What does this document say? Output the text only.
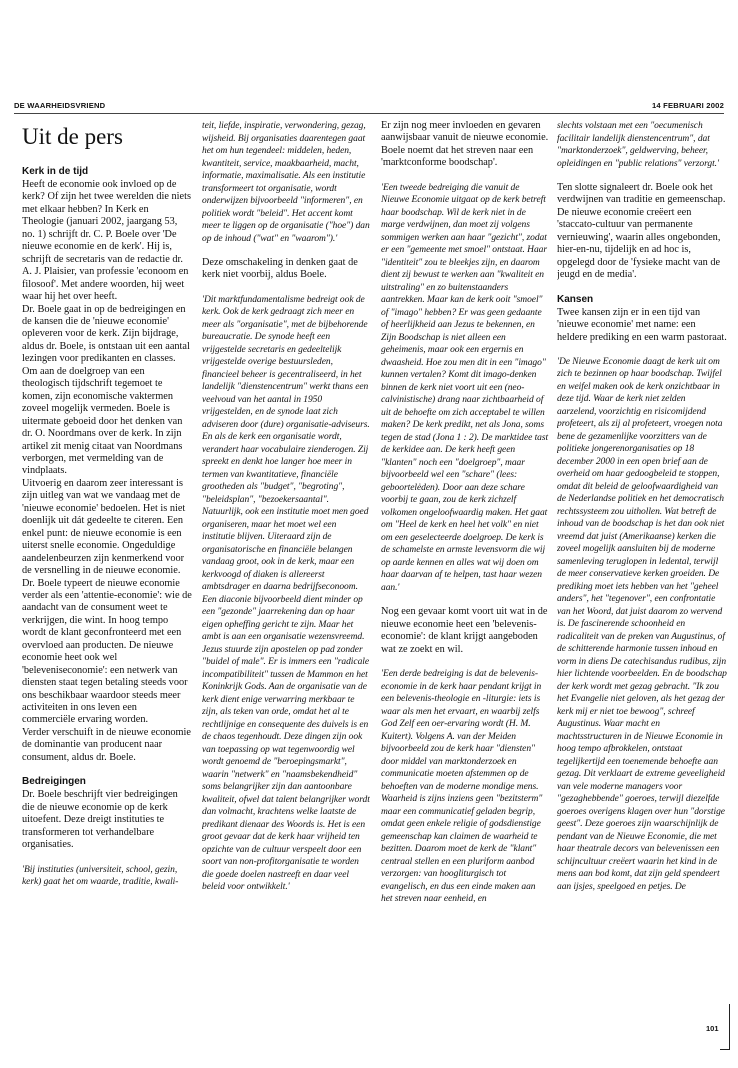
DE WAARHEIDSVRIEND	14 FEBRUARI 2002
Uit de pers
Kerk in de tijd

Heeft de economie ook invloed op de kerk? Of zijn het twee werelden die niets met elkaar hebben? In Kerk en Theologie (januari 2002, jaargang 53, no. 1) schrijft dr. C. P. Boele over 'De nieuwe economie en de kerk'. Hij is, schrijft de secretaris van de redactie dr. A. J. Plaisier, van professie 'econoom en filosoof'. Met andere woorden, hij weet waar hij het over heeft.

Dr. Boele gaat in op de bedreigingen en de kansen die de 'nieuwe economie' opleveren voor de kerk. Zijn bijdrage, aldus dr. Boele, is ontstaan uit een aantal lezingen voor predikanten en classes. Om aan de doelgroep van een theologisch tijdschrift tegemoet te komen, zijn economische vaktermen zoveel mogelijk vermeden. Boele is uitermate geboeid door het denken van dr. O. Noordmans over de kerk. In zijn artikel zit menig citaat van Noordmans verborgen, met vermelding van de vindplaats.

Uitvoerig en daarom zeer interessant is zijn uitleg van wat we vandaag met de 'nieuwe economie' bedoelen. Het is niet doenlijk uit dát gedeelte te citeren. Een enkel punt: de nieuwe economie is een uiterst snelle economie. Ongeduldige aandelenbeurzen zijn kenmerkend voor de versnelling in de nieuwe economie. Dr. Boele typeert de nieuwe economie verder als een 'attentie-economie': wie de aandacht van de consument weet te verkrijgen, die wint. In hoog tempo wordt de klant geconfronteerd met een overvloed aan producten. De nieuwe economie heet ook wel 'beleveniseconomie': een netwerk van diensten staat tegen betaling steeds voor ons beschikbaar waardoor steeds meer activiteiten in ons leven een commerciële ervaring worden.

Verder verschuift in de nieuwe economie de dominantie van producent naar consument, aldus dr. Boele.

Bedreigingen

Dr. Boele beschrijft vier bedreigingen die de nieuwe economie op de kerk uitoefent. Deze dreigt instituties te transformeren tot verhandelbare organisaties.

'Bij instituties (universiteit, school, gezin, kerk) gaat het om waarde, traditie, kwali-

teit, liefde, inspiratie, verwondering, gezag, wijsheid. Bij organisaties daarentegen gaat het om hun tegendeel: middelen, heden, kwantiteit, service, maakbaarheid, macht, informatie, maximalisatie. Als een institutie transformeert tot organisatie, wordt onderwijzen bijvoorbeeld "informeren", en politiek wordt "beleid". Het accent komt meer te liggen op de organisatie ("hoe") dan op de inhoud ("wat" en "waarom").'

Deze omschakeling in denken gaat de kerk niet voorbij, aldus Boele.

'Dit marktfundamentalisme bedreigt ook de kerk. Ook de kerk gedraagt zich meer en meer als "organisatie", met de bijbehorende bureaucratie. De synode heeft een vrijgestelde secretaris en gedeeltelijk vrijgestelde overige bestuursleden, financieel beheer is gecentraliseerd, in het landelijk "dienstencentrum" werkt thans een veelvoud van het aantal in 1950 vrijgestelden, en de synode laat zich adviseren door (dure) organisatie-adviseurs. En als de kerk een organisatie wordt, verandert haar vocabulaire zienderogen. Zij spreekt en denkt hoe langer hoe meer in termen van kwantitatieve, financiële grootheden als "budget", "begroting", "beleidsplan", "bezoekersaantal". Natuurlijk, ook een institutie moet men goed organiseren, maar het moet wel een institutie blijven. Uiteraard zijn de organisatorische en financiële belangen vandaag groot, ook in de kerk, maar een kerkvoogd of diaken is allereerst ambtsdrager en daarna bedrijfseconoom. Een diaconie bijvoorbeeld dient minder op een "gezonde" jaarrekening dan op haar eigen opheffing gericht te zijn. Maar het ambt is aan een organisatie wezensvreemd. Jezus stuurde zijn apostelen op pad zonder "buidel of male". Er is immers een "radicale incompatibiliteit" tussen de Mammon en het Koninkrijk Gods. Aan de organisatie van de kerk dient enige verwarring merkbaar te zijn, als teken van orde, omdat het al te rechtlijnige en consequente des duivels is en de chaos tegenhoudt. Deze dingen zijn ook van toepassing op wat tegenwoordig wel wordt genoemd de "beroepingsmarkt", waarin "netwerk" en "naamsbekendheid" soms belangrijker zijn dan aantoonbare kwaliteit, ofwel dat talent belangrijker wordt dan volmacht, krachtens welke laatste de predikant dienaar des Woords is. Het is een groot gevaar dat de kerk haar vrijheid ten opzichte van de cultuur verspeelt door een soort van non-profitorganisatie te worden die goede doelen nastreeft en daar veel beleid voor ontwikkelt.'

Er zijn nog meer invloeden en gevaren aanwijsbaar vanuit de nieuwe economie. Boele noemt dat het streven naar een 'marktconforme boodschap'.

'Een tweede bedreiging die vanuit de Nieuwe Economie uitgaat op de kerk betreft haar boodschap. Wil de kerk niet in de marge verdwijnen, dan moet zij volgens sommigen werken aan haar "gezicht", zodat er een "gemeente met smoel" ontstaat. Haar "identiteit" zou te bleekjes zijn, en daarom dient zij bewust te werken aan "kwaliteit en uitstraling" en zo buitenstaanders aantrekken. Maar kan de kerk ooit "smoel" of "imago" hebben? Er was geen gedaante of heerlijkheid aan Jezus te bekennen, en Zijn Boodschap is niet alleen een geheimenis, maar ook een ergernis en dwaasheid. Hoe zou men dit in een "imago" kunnen vertalen? Komt dit imago-denken binnen de kerk niet voort uit een (neo-calvinistische) drang naar zichtbaarheid of uit de behoefte om zich acceptabel te willen maken? De kerk predikt, net als Jona, soms tegen de stad (Jona 1 : 2). De marktidee tast de kerkidee aan. De kerk heeft geen "klanten" noch een "doelgroep", maar bijvoorbeeld wel een "schare" (lees: geboortelėden). Door aan deze schare voorbij te gaan, zou de kerk zichzelf volkomen ongeloofwaardig maken. Het gaat om "Heel de kerk en heel het volk" en niet om een geselecteerde doelgroep. De kerk is de schamelste en armste levensvorm die wij op aarde kennen en alles wat wij doen om haar daarvan af te helpen, tast haar wezen aan.'

Nog een gevaar komt voort uit wat in de nieuwe economie heet een 'belevenis-economie': de klant krijgt aangeboden wat ze zoekt en wil.

'Een derde bedreiging is dat de belevenis-economie in de kerk haar pendant krijgt in een belevenis-theologie en -liturgie: iets is waar als men het ervaart, en waarbij zelfs God Zelf een oer-ervaring wordt (H. M. Kuitert). Volgens A. van der Meiden bijvoorbeeld zou de kerk haar "diensten" door middel van marktonderzoek en communicatie moeten afstemmen op de behoeften van de moderne mondige mens. Waarheid is zijns inziens geen "bezitsterm" maar een communicatief geladen begrip, omdat geen enkele religie of godsdienstige gemeenschap kan claimen de waarheid te bezitten. Daarom moet de kerk de "klant" centraal stellen en een pluriform aanbod verzorgen: van hoogliturgisch tot evangelisch, en dus een einde maken aan het streven naar eenheid, en

slechts volstaan met een "oecumenisch facilitair landelijk dienstencentrum", dat "marktonderzoek", geldwerving, beheer, opleidingen en "public relations" verzorgt.'

Ten slotte signaleert dr. Boele ook het verdwijnen van traditie en gemeenschap. De nieuwe economie creëert een 'staccato-cultuur van permanente vernieuwing', waarin alles ongebonden, hier-en-nu, tijdelijk en ad hoc is, opgelegd door de 'fysieke macht van de jeugd en de media'.

Kansen

Twee kansen zijn er in een tijd van 'nieuwe economie' met name: een heldere prediking en een warm pastoraat.

'De Nieuwe Economie daagt de kerk uit om zich te bezinnen op haar boodschap. Twijfel en weifel maken ook de kerk onzichtbaar in deze tijd. Waar de kerk niet zelden aarzelend, voorzichtig en risicomijdend profeteert, als zij al profeteert, vroegen nota bene de gezamenlijke voorzitters van de politieke jongerenorganisaties op 18 december 2000 in een open brief aan de overheid om haar gedoogbeleid te stoppen, omdat dit beleid de geloofwaardigheid van de Nederlandse politiek en het democratisch rechtssysteem zou uithollen. Wat betreft de inhoud van de boodschap is het dan ook niet vreemd dat juist (Amerikaanse) kerken die zoveel mogelijk aansluiten bij de moderne samenleving teruglopen in ledental, terwijl de meer conservatieve kerken groeiden. De prediking moet iets hebben van het "geheel anders", het "tegenover", een confrontatie van het Woord, dat juist daarom zo wervend is. De fascinerende schoonheid en radicaliteit van de preken van Augustinus, of de schitterende harmonie tussen inhoud en vorm in diens De catechisandus rudibus, zijn hier lichtende voorbeelden. En de boodschap der kerk wordt met gezag gebracht. "Ik zou het Evangelie niet geloven, als het gezag der kerk mij er niet toe bewoog", schreef Augustinus. Waar macht en machtsstructuren in de Nieuwe Economie in hoog tempo afbrokkelen, ontstaat tegelijkertijd een toenemende behoefte aan gezag. Dit verklaart de extreme geveeligheid van vele moderne managers voor "gezaghebbende" goeroes, terwijl diezelfde goeroes overigens klagen over hun "dorstige geest". Deze goeroes zijn waarschijnlijk de pendant van de Nieuwe Economie, die met haar theatrale decors van belevenissen een schijncultuur creëert waarin het kind in de mens aan bod komt, dat zijn geld spendeert aan ijsjes, speelgoed en petjes. De

101
